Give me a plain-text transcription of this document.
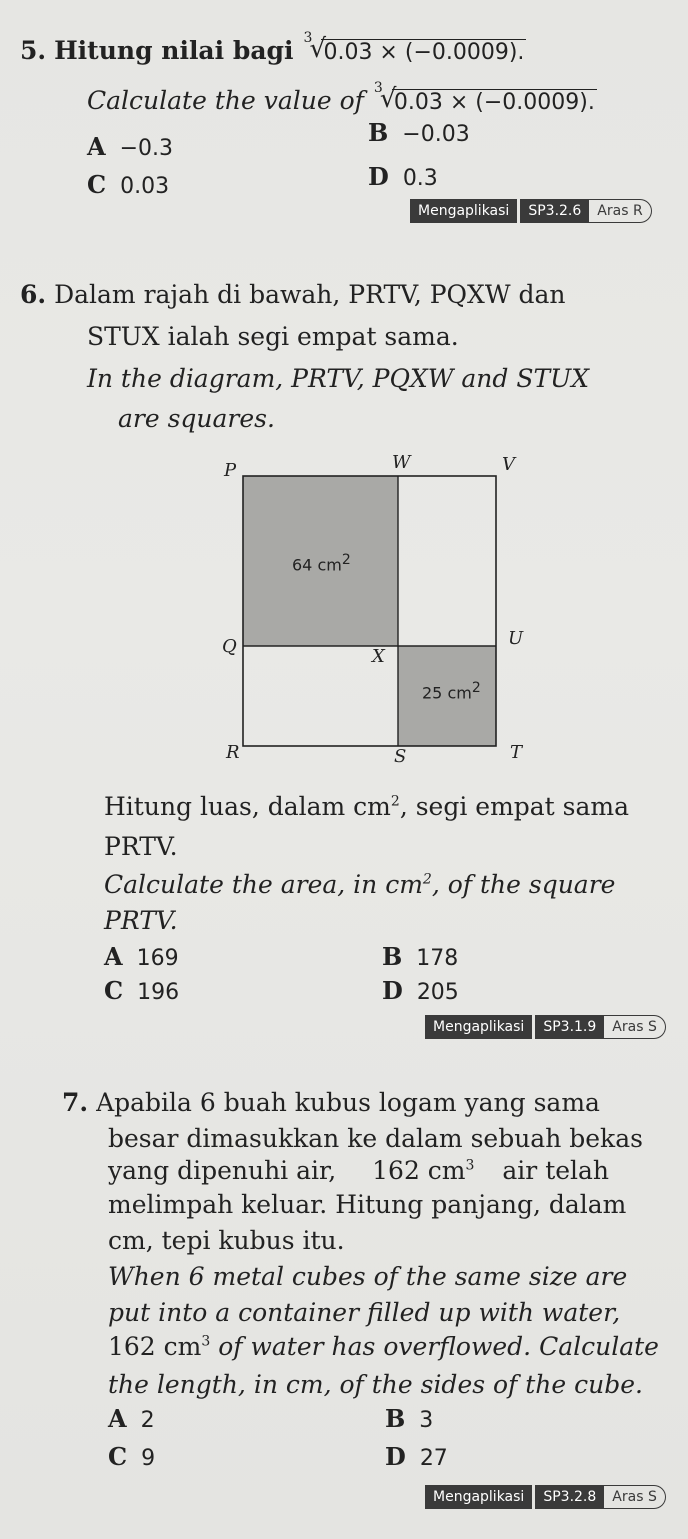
5. Hitung nilai bagi 3
√
0.03 × (−0.0009).
Calculate the value of 3
√
0.03 × (−0.0009).
A −0.3
B −0.03
C 0.03	D 0.3
Mengaplikasi	SP3.2.6	Aras R
6. Dalam rajah di bawah, PRTV, PQXW dan
STUX ialah segi empat sama.
In the diagram, PRTV, PQXW and STUX
are squares.
P	W	V
Q	X
U
R	S	T
64 $cm^2$
25 $cm^2$
Hitung luas, dalam $cm^2$, segi empat sama
PRTV.
Calculate the area, in $cm^2$, of the square
PRTV.
A 169	B 178
C 196	D 205
Mengaplikasi	SP3.1.9	Aras S
7. Apabila 6 buah kubus logam yang sama
besar dimasukkan ke dalam sebuah bekas
yang dipenuhi air, 162 $cm^3$ air telah
melimpah keluar. Hitung panjang, dalam
cm, tepi kubus itu.
When 6 metal cubes of the same size are
put into a container filled up with water,
162 $cm^3$ of water has overflowed. Calculate
the length, in cm, of the sides of the cube.
A 2	B 3
C 9	D 27
Mengaplikasi	SP3.2.8	Aras S
